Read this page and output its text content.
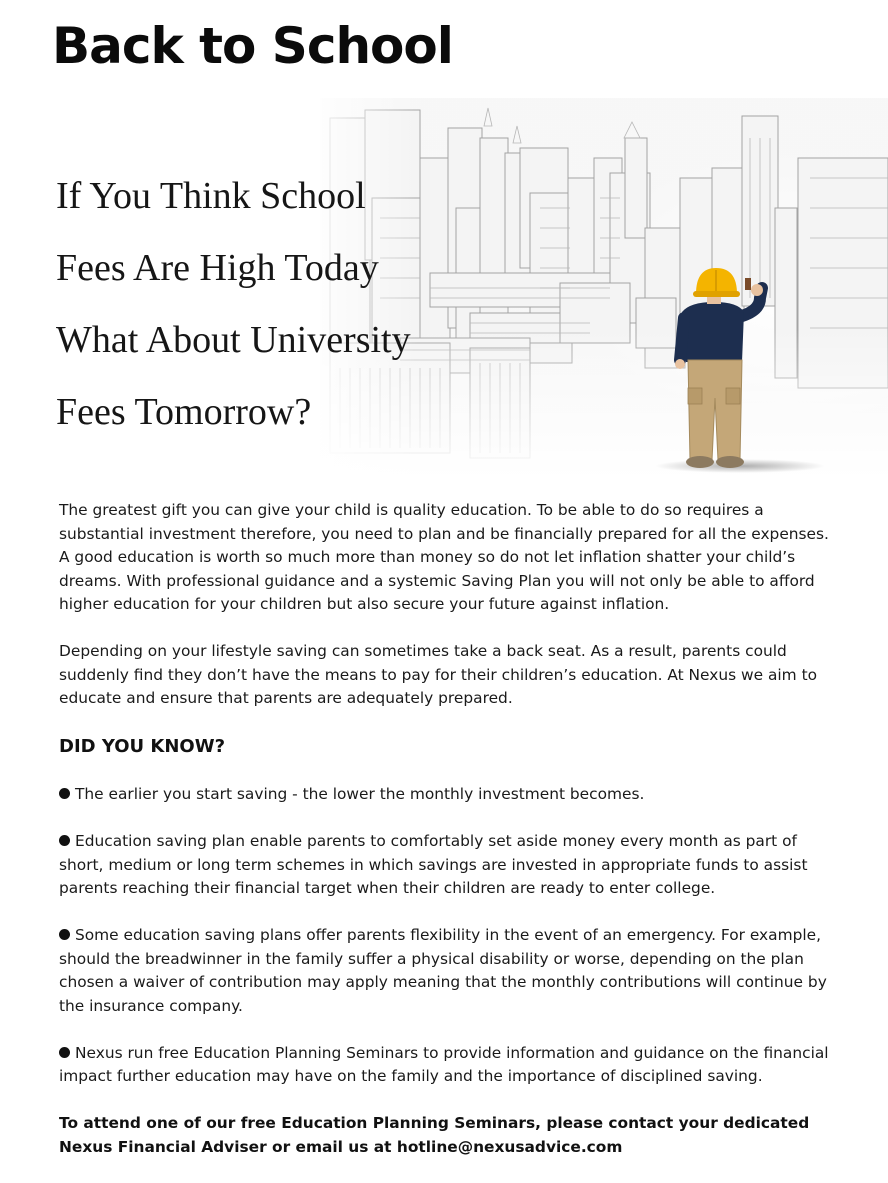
Back to School
If You Think School
Fees Are High Today
What About University
Fees Tomorrow?

The greatest gift you can give your child is quality education. To be able to do so requires a substantial investment therefore, you need to plan and be financially prepared for all the expenses. A good education is worth so much more than money so do not let inflation shatter your child’s dreams. With professional guidance and a systemic Saving Plan you will not only be able to afford higher education for your children but also secure your future against inflation.

Depending on your lifestyle saving can sometimes take a back seat. As a result, parents could suddenly find they don’t have the means to pay for their children’s education. At Nexus we aim to educate and ensure that parents are adequately prepared.

DID YOU KNOW?
The earlier you start saving - the lower the monthly investment becomes.
Education saving plan enable parents to comfortably set aside money every month as part of short, medium or long term schemes in which savings are invested in appropriate funds to assist parents reaching their financial target when their children are ready to enter college.
Some education saving plans offer parents flexibility in the event of an emergency. For example, should the breadwinner in the family suffer a physical disability or worse, depending on the plan chosen a waiver of contribution may apply meaning that the monthly contributions will continue by the insurance company.
Nexus run free Education Planning Seminars to provide information and guidance on the financial impact further education may have on the family and the importance of disciplined saving.

To attend one of our free Education Planning Seminars, please contact your dedicated Nexus Financial Adviser or email us at hotline@nexusadvice.com
